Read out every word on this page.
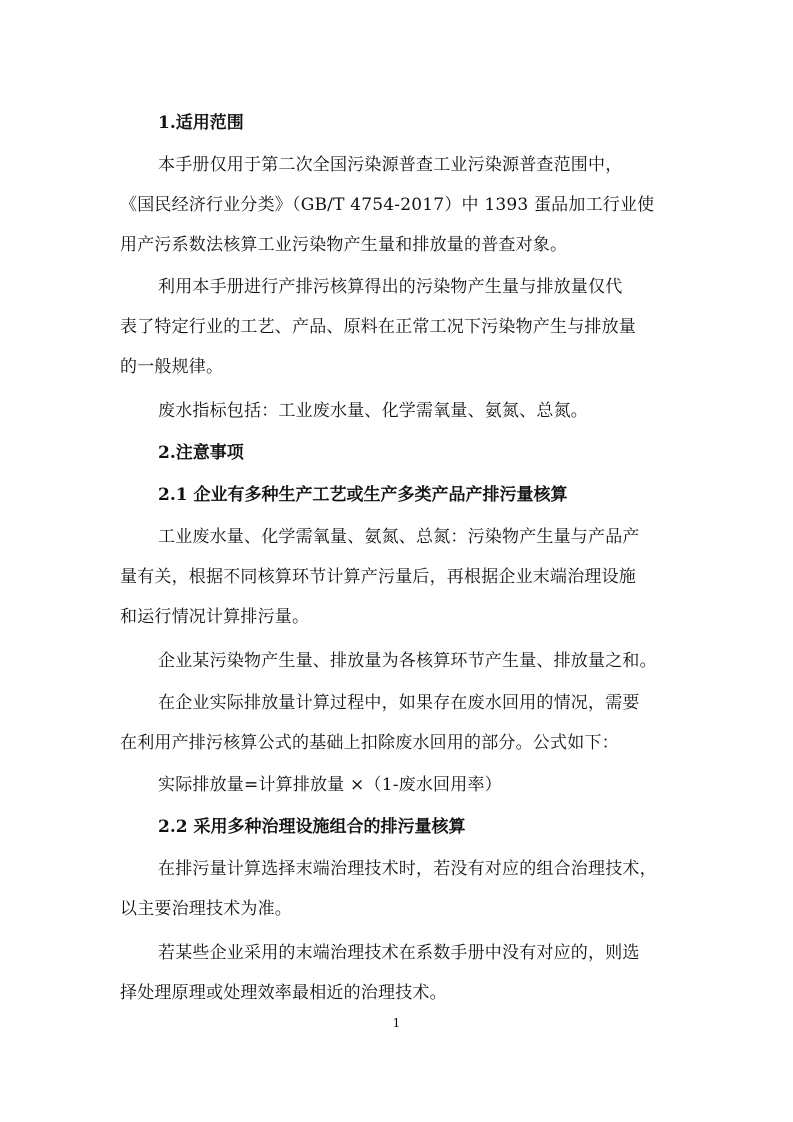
1.适用范围
本手册仅用于第二次全国污染源普查工业污染源普查范围中，
《国民经济行业分类》（GB/T 4754-2017）中 1393 蛋品加工行业使
用产污系数法核算工业污染物产生量和排放量的普查对象。
利用本手册进行产排污核算得出的污染物产生量与排放量仅代
表了特定行业的工艺、产品、原料在正常工况下污染物产生与排放量
的一般规律。
废水指标包括：工业废水量、化学需氧量、氨氮、总氮。
2.注意事项
2.1 企业有多种生产工艺或生产多类产品产排污量核算
工业废水量、化学需氧量、氨氮、总氮：污染物产生量与产品产
量有关，根据不同核算环节计算产污量后，再根据企业末端治理设施
和运行情况计算排污量。
企业某污染物产生量、排放量为各核算环节产生量、排放量之和。
在企业实际排放量计算过程中，如果存在废水回用的情况，需要
在利用产排污核算公式的基础上扣除废水回用的部分。公式如下：
实际排放量=计算排放量 ×（1-废水回用率）
2.2 采用多种治理设施组合的排污量核算
在排污量计算选择末端治理技术时，若没有对应的组合治理技术，
以主要治理技术为准。
若某些企业采用的末端治理技术在系数手册中没有对应的，则选
择处理原理或处理效率最相近的治理技术。
1
